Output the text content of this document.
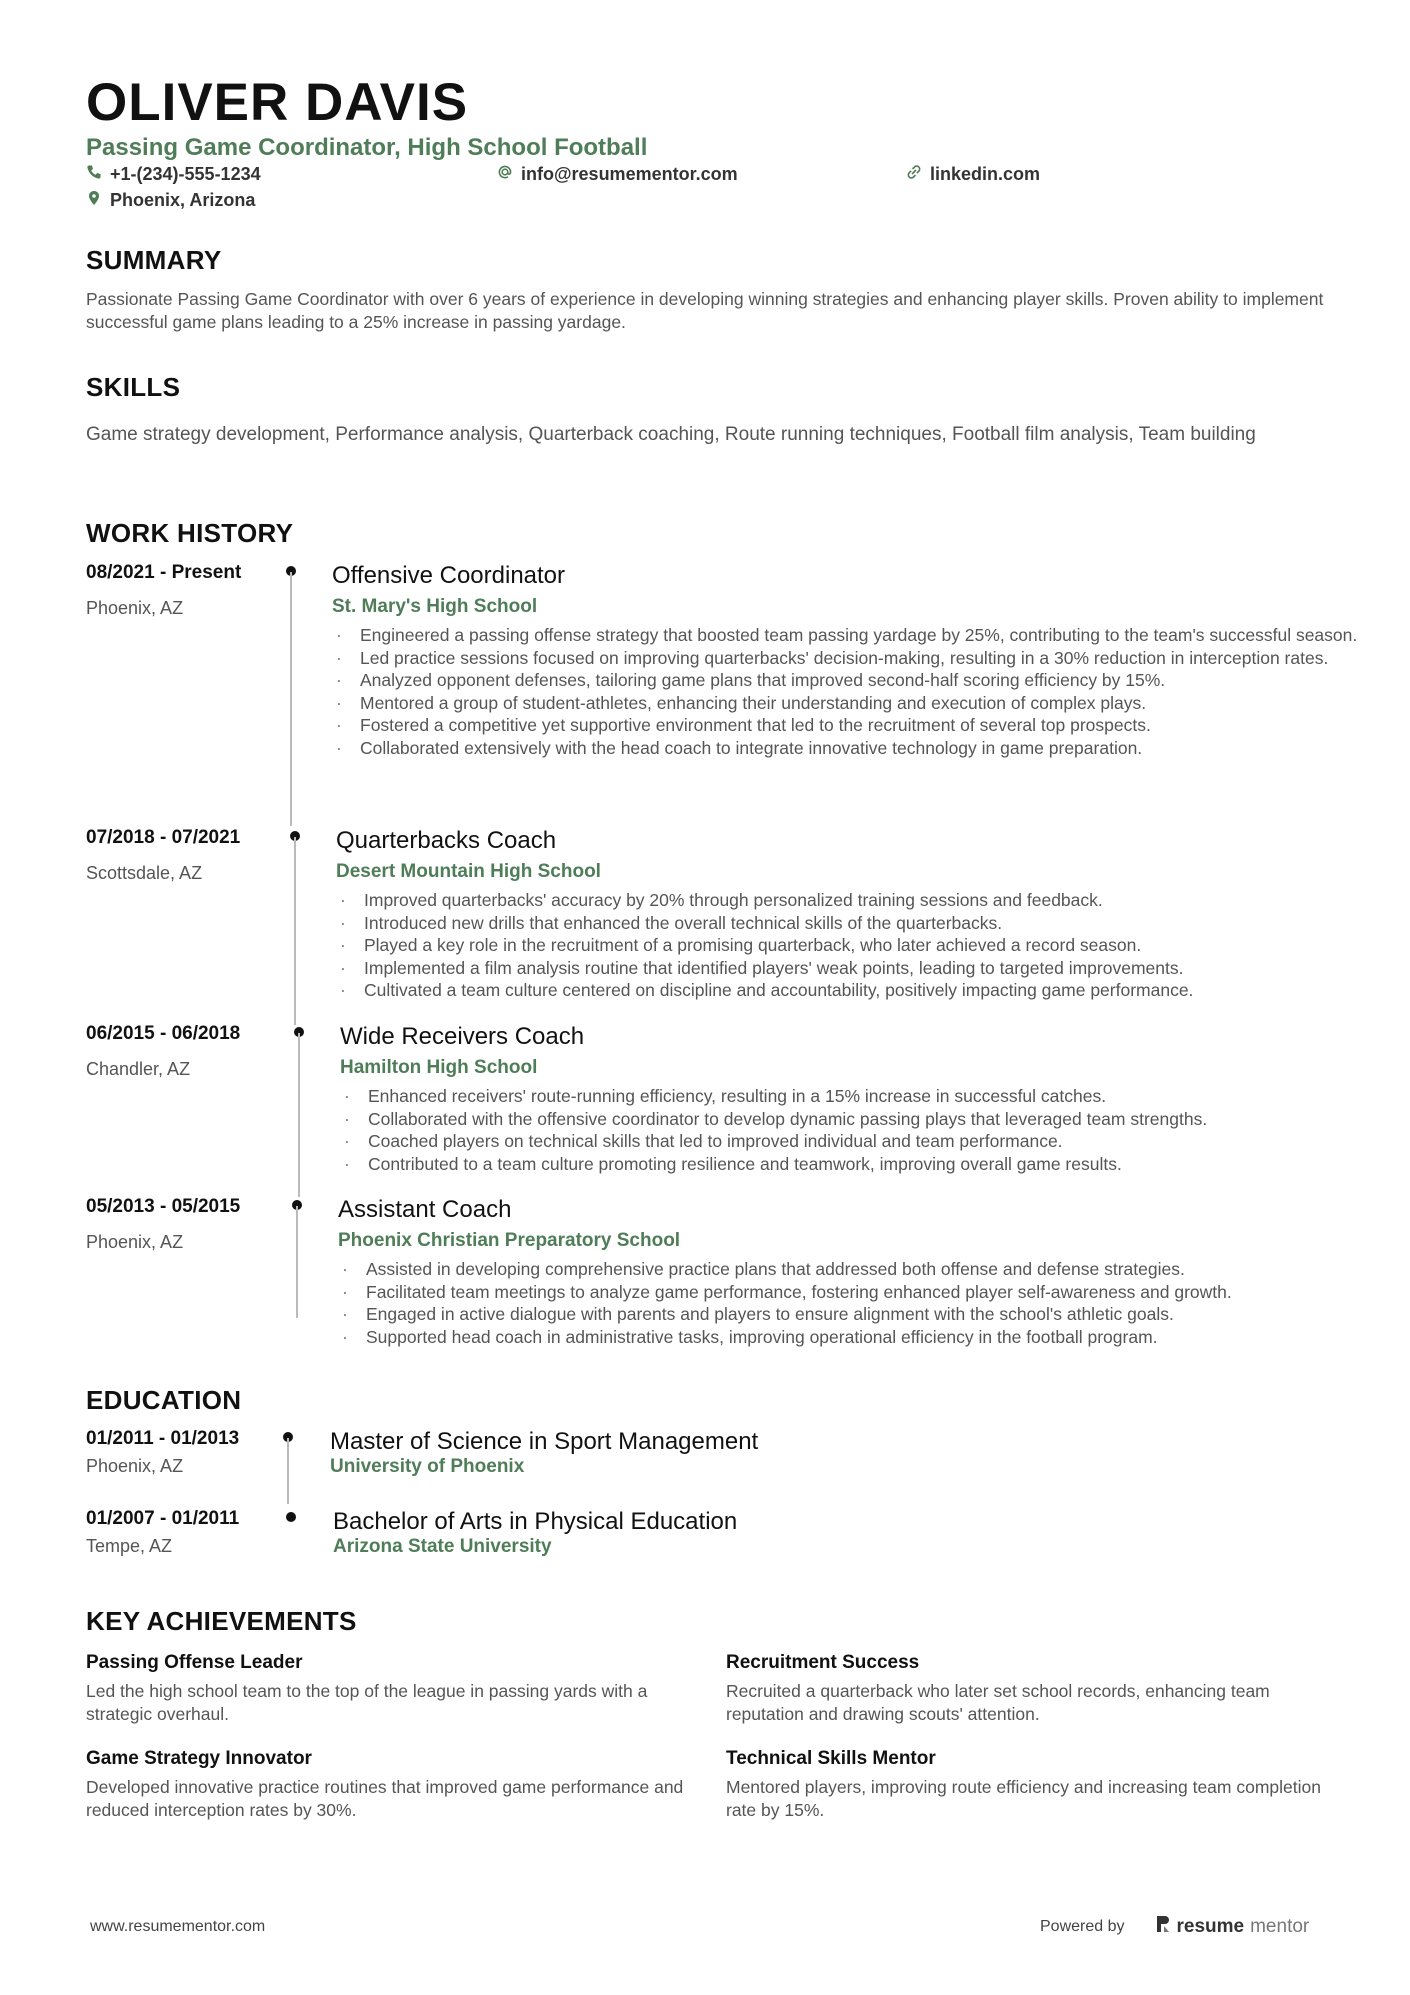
OLIVER DAVIS
Passing Game Coordinator, High School Football
+1-(234)-555-1234	info@resumementor.com	linkedin.com
Phoenix, Arizona
SUMMARY
Passionate Passing Game Coordinator with over 6 years of experience in developing winning strategies and enhancing player skills. Proven ability to implement successful game plans leading to a 25% increase in passing yardage.
SKILLS
Game strategy development, Performance analysis, Quarterback coaching, Route running techniques, Football film analysis, Team building
WORK HISTORY
08/2021 - Present
Phoenix, AZ
Offensive Coordinator
St. Mary's High School
· Engineered a passing offense strategy that boosted team passing yardage by 25%, contributing to the team's successful season.
· Led practice sessions focused on improving quarterbacks' decision-making, resulting in a 30% reduction in interception rates.
· Analyzed opponent defenses, tailoring game plans that improved second-half scoring efficiency by 15%.
· Mentored a group of student-athletes, enhancing their understanding and execution of complex plays.
· Fostered a competitive yet supportive environment that led to the recruitment of several top prospects.
· Collaborated extensively with the head coach to integrate innovative technology in game preparation.
07/2018 - 07/2021
Scottsdale, AZ
Quarterbacks Coach
Desert Mountain High School
· Improved quarterbacks' accuracy by 20% through personalized training sessions and feedback.
· Introduced new drills that enhanced the overall technical skills of the quarterbacks.
· Played a key role in the recruitment of a promising quarterback, who later achieved a record season.
· Implemented a film analysis routine that identified players' weak points, leading to targeted improvements.
· Cultivated a team culture centered on discipline and accountability, positively impacting game performance.
06/2015 - 06/2018
Chandler, AZ
Wide Receivers Coach
Hamilton High School
· Enhanced receivers' route-running efficiency, resulting in a 15% increase in successful catches.
· Collaborated with the offensive coordinator to develop dynamic passing plays that leveraged team strengths.
· Coached players on technical skills that led to improved individual and team performance.
· Contributed to a team culture promoting resilience and teamwork, improving overall game results.
05/2013 - 05/2015
Phoenix, AZ
Assistant Coach
Phoenix Christian Preparatory School
· Assisted in developing comprehensive practice plans that addressed both offense and defense strategies.
· Facilitated team meetings to analyze game performance, fostering enhanced player self-awareness and growth.
· Engaged in active dialogue with parents and players to ensure alignment with the school's athletic goals.
· Supported head coach in administrative tasks, improving operational efficiency in the football program.
EDUCATION
01/2011 - 01/2013
Phoenix, AZ
Master of Science in Sport Management
University of Phoenix
01/2007 - 01/2011
Tempe, AZ
Bachelor of Arts in Physical Education
Arizona State University
KEY ACHIEVEMENTS
Passing Offense Leader
Led the high school team to the top of the league in passing yards with a strategic overhaul.
Recruitment Success
Recruited a quarterback who later set school records, enhancing team reputation and drawing scouts' attention.
Game Strategy Innovator
Developed innovative practice routines that improved game performance and reduced interception rates by 30%.
Technical Skills Mentor
Mentored players, improving route efficiency and increasing team completion rate by 15%.
www.resumementor.com	Powered by	resume mentor
